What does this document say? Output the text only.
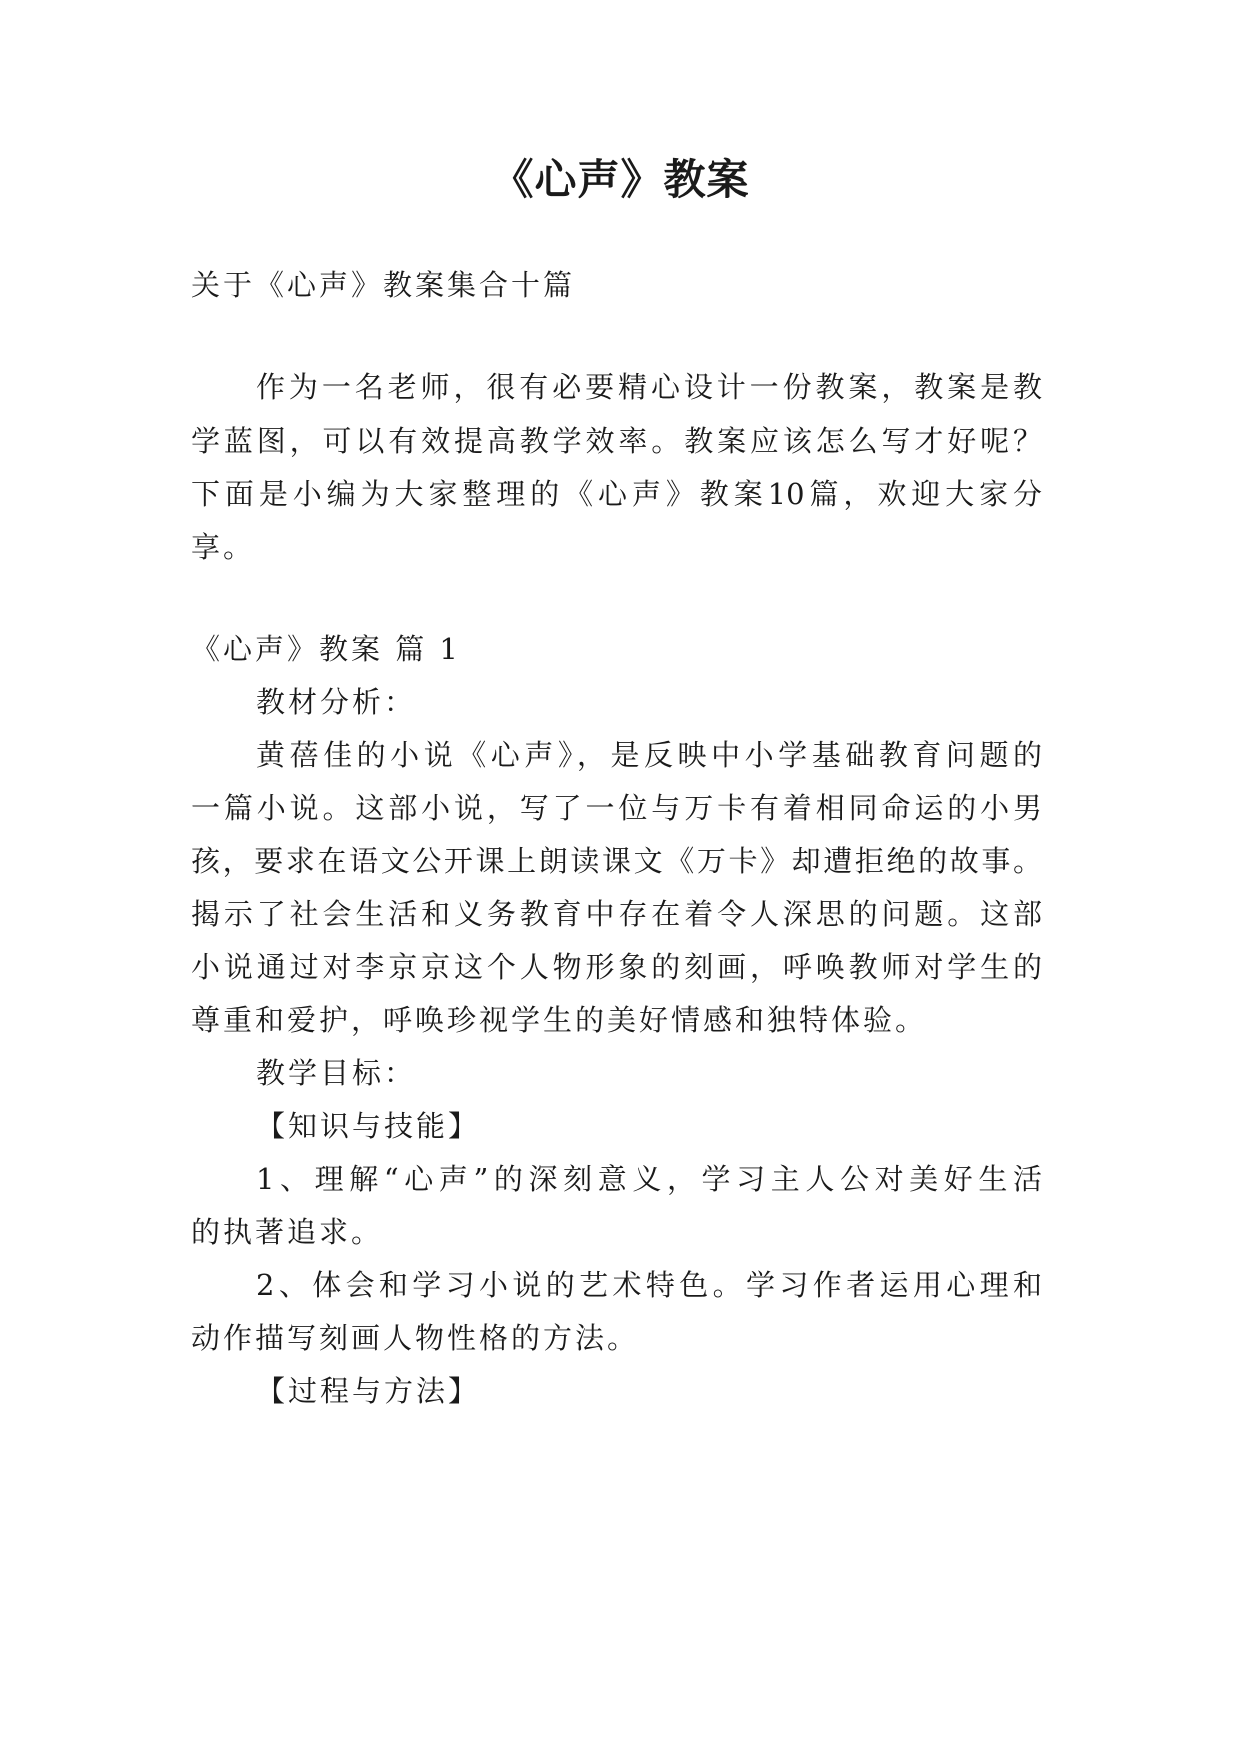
《心声》教案
关于《心声》教案集合十篇
作为一名老师，很有必要精心设计一份教案，教案是教
学蓝图，可以有效提高教学效率。教案应该怎么写才好呢？
下面是小编为大家整理的《心声》教案10篇，欢迎大家分
享。
《心声》教案 篇 1
教材分析：
黄蓓佳的小说《心声》，是反映中小学基础教育问题的
一篇小说。这部小说，写了一位与万卡有着相同命运的小男
孩，要求在语文公开课上朗读课文《万卡》却遭拒绝的故事。
揭示了社会生活和义务教育中存在着令人深思的问题。这部
小说通过对李京京这个人物形象的刻画，呼唤教师对学生的
尊重和爱护，呼唤珍视学生的美好情感和独特体验。
教学目标：
【知识与技能】
1、理解“心声”的深刻意义，学习主人公对美好生活
的执著追求。
2、体会和学习小说的艺术特色。学习作者运用心理和
动作描写刻画人物性格的方法。
【过程与方法】
